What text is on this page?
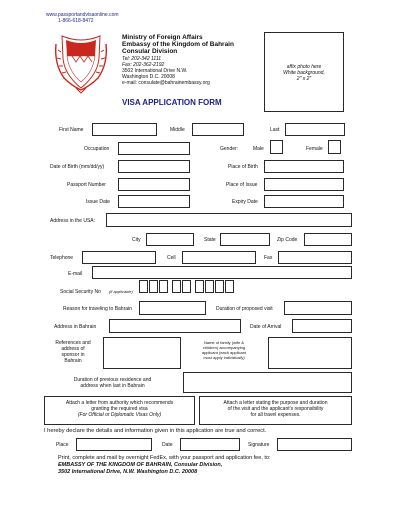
www.passportandvisaonline.com
1-866-618-8472
Ministry of Foreign Affairs
Embassy of the Kingdom of Bahrain
Consular Division
Tel: 202-342 1111
Fax: 202-362-2192
3502 International Drive N.W.
Washington D.C. 20008
e-mail: consulate@bahrainembassy.org
VISA APPLICATION FORM
affix photo here
White background,
2" x 2"
First Name	Middle	Last
Occupation	Gender:	Male	Female
Date of Birth (mm/dd/yy)	Place of Birth
Passport Number	Place of Issue
Issue Date	Expiry Date
Address in the USA:
City	State	Zip Code
Telephone	Cell	Fax
E-mail
Social Security No (if applicable)
Reason for traveling to Bahrain	Duration of proposed visit
Address in Bahrain	Date of Arrival
References and
address of
sponsor in
Bahrain
Name of family (wife &
children) accompanying
applicant (each applicant
must apply individually)
Duration of previous residence and
address when last in Bahrain
Attach a letter from authority which recommends
granting the required visa
(For Official or Diplomatic Visas Only)
Attach a letter stating the purpose and duration
of the visit and the applicant's responsibility
for all travel expenses.
I hereby declare the details and information given in this application are true and correct.
Place	Date	Signature
Print, complete and mail by overnight FedEx, with your passport and application fee, to:
EMBASSY OF THE KINGDOM OF BAHRAIN, Consular Division,
3502 International Drive, N.W. Washington D.C. 20008
